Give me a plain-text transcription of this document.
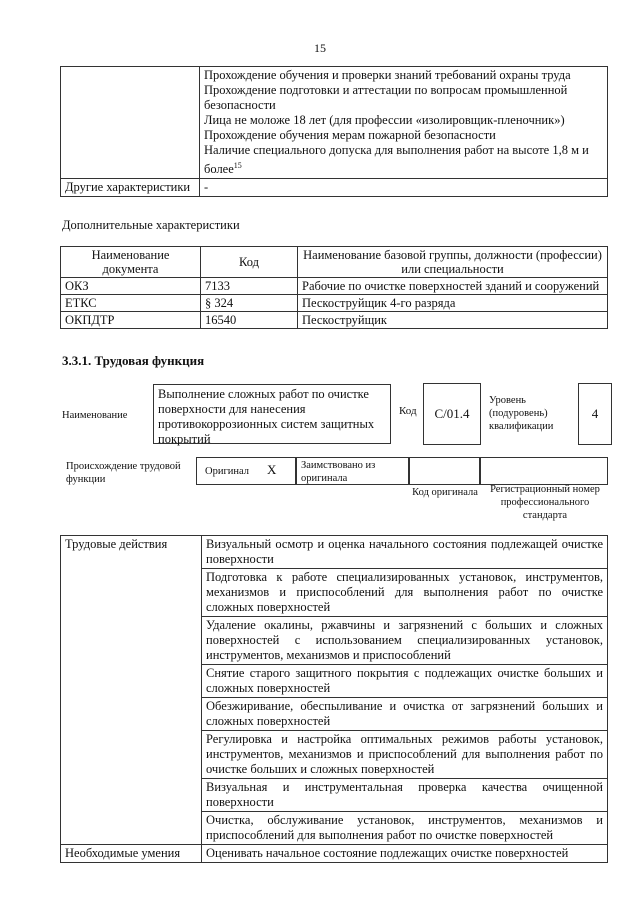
15

	Прохождение обучения и проверки знаний требований охраны труда
Прохождение подготовки и аттестации по вопросам промышленной безопасности
Лица не моложе 18 лет (для профессии «изолировщик-пленочник»)
Прохождение обучения мерам пожарной безопасности
Наличие специального допуска для выполнения работ на высоте 1,8 м и более$^{15}$

Другие характеристики	-
Дополнительные характеристики
Наименование документа	Код	Наименование базовой группы, должности (профессии) или специальности
ОКЗ	7133	Рабочие по очистке поверхностей зданий и сооружений
ЕТКС	§ 324	Пескоструйщик 4-го разряда
ОКПДТР	16540	Пескоструйщик
3.3.1. Трудовая функция
Наименование
Выполнение сложных работ по очистке поверхности для нанесения противокоррозионных систем защитных покрытий
Код	C/01.4
Уровень (подуровень) квалификации
4
Происхождение трудовой функции
Оригинал X Заимствовано из оригинала
Код оригинала	Регистрационный номер профессионального стандарта
Трудовые действия	Визуальный осмотр и оценка начального состояния подлежащей очистке поверхности
	Подготовка к работе специализированных установок, инструментов, механизмов и приспособлений для выполнения работ по очистке сложных поверхностей
	Удаление окалины, ржавчины и загрязнений с больших и сложных поверхностей с использованием специализированных установок, инструментов, механизмов и приспособлений
	Снятие старого защитного покрытия с подлежащих очистке больших и сложных поверхностей
	Обезжиривание, обеспыливание и очистка от загрязнений больших и сложных поверхностей
	Регулировка и настройка оптимальных режимов работы установок, инструментов, механизмов и приспособлений для выполнения работ по очистке больших и сложных поверхностей
	Визуальная и инструментальная проверка качества очищенной поверхности
	Очистка, обслуживание установок, инструментов, механизмов и приспособлений для выполнения работ по очистке поверхностей
Необходимые умения	Оценивать начальное состояние подлежащих очистке поверхностей
